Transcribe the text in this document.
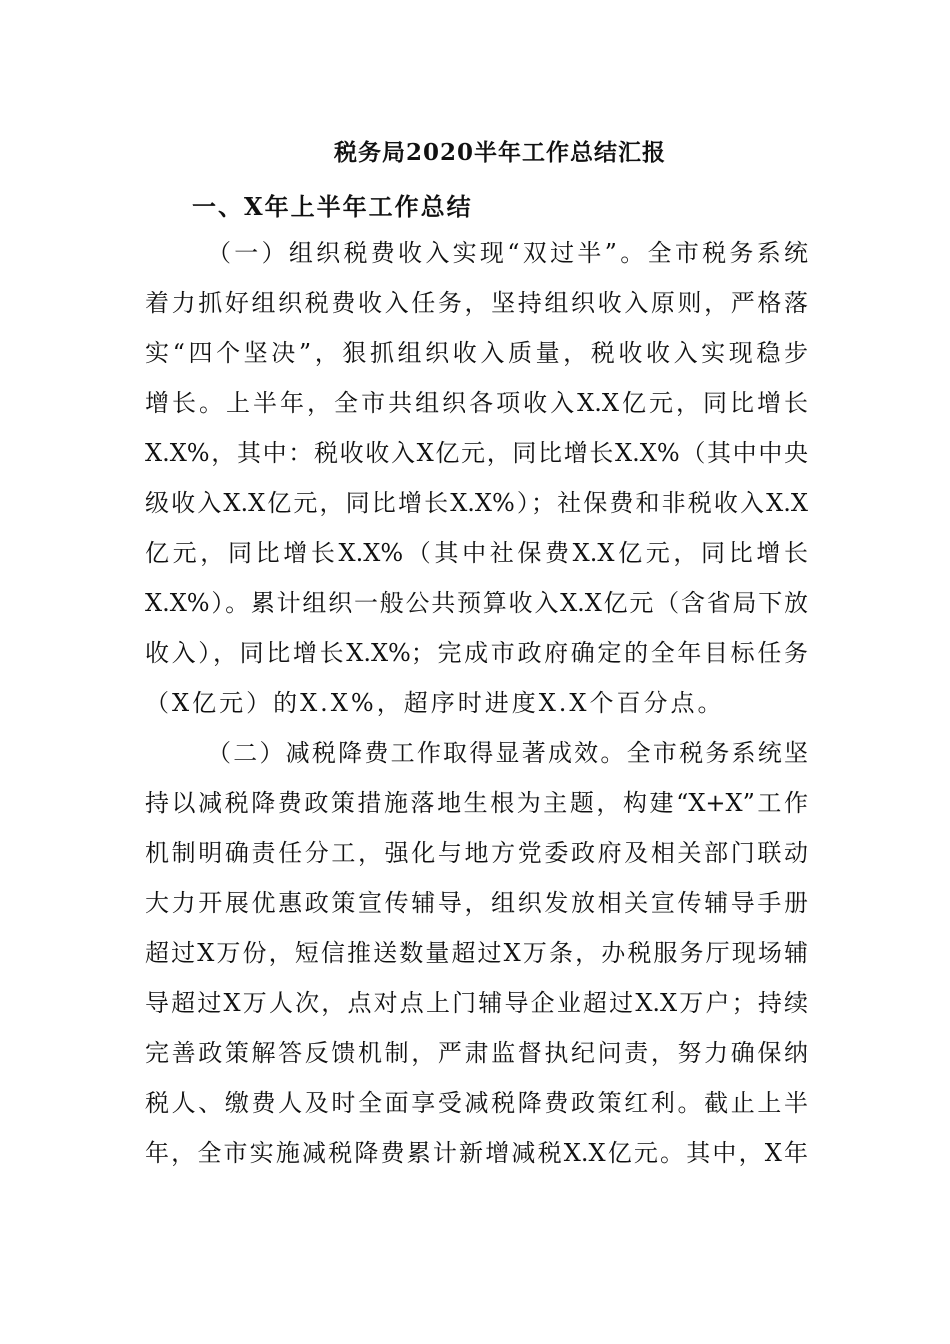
税务局2020半年工作总结汇报
一、X年上半年工作总结
（一）组织税费收入实现“双过半”。全市税务系统
着力抓好组织税费收入任务，坚持组织收入原则，严格落
实“四个坚决”，狠抓组织收入质量，税收收入实现稳步
增长。上半年，全市共组织各项收入X.X亿元，同比增长
X.X%，其中：税收收入X亿元，同比增长X.X%（其中中央
级收入X.X亿元，同比增长X.X%）；社保费和非税收入X.X
亿元，同比增长X.X%（其中社保费X.X亿元，同比增长
X.X%）。累计组织一般公共预算收入X.X亿元（含省局下放
收入），同比增长X.X%；完成市政府确定的全年目标任务
（X亿元）的X.X%，超序时进度X.X个百分点。
（二）减税降费工作取得显著成效。全市税务系统坚
持以减税降费政策措施落地生根为主题，构建“X+X”工作
机制明确责任分工，强化与地方党委政府及相关部门联动
大力开展优惠政策宣传辅导，组织发放相关宣传辅导手册
超过X万份，短信推送数量超过X万条，办税服务厅现场辅
导超过X万人次，点对点上门辅导企业超过X.X万户；持续
完善政策解答反馈机制，严肃监督执纪问责，努力确保纳
税人、缴费人及时全面享受减税降费政策红利。截止上半
年，全市实施减税降费累计新增减税X.X亿元。其中，X年
